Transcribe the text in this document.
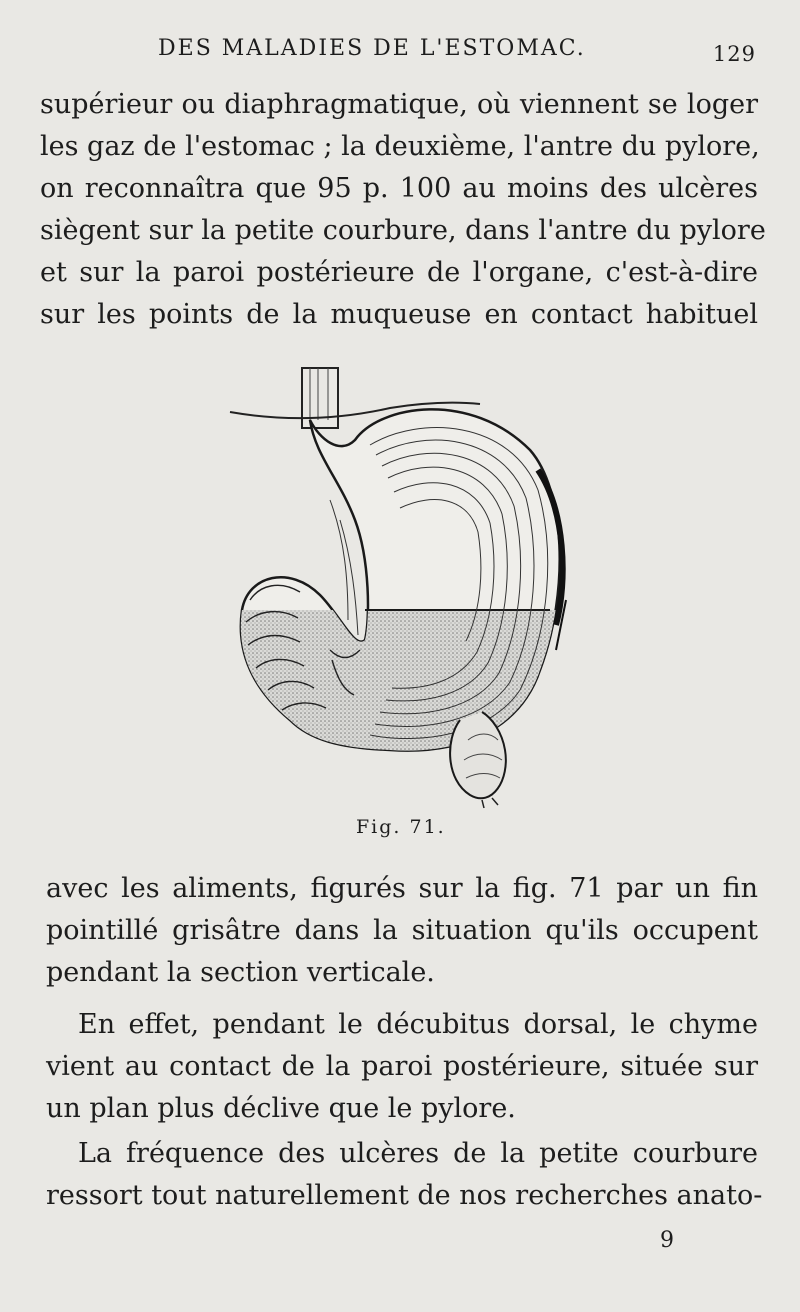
DES MALADIES DE L'ESTOMAC.	129
supérieur ou diaphragmatique, où viennent se loger
les gaz de l'estomac ; la deuxième, l'antre du pylore,
on reconnaîtra que 95 p. 100 au moins des ulcères
siègent sur la petite courbure, dans l'antre du pylore
et sur la paroi postérieure de l'organe, c'est-à-dire
sur les points de la muqueuse en contact habituel
Fig. 71.
avec les aliments, figurés sur la fig. 71 par un fin
pointillé grisâtre dans la situation qu'ils occupent
pendant la section verticale.
En effet, pendant le décubitus dorsal, le chyme
vient au contact de la paroi postérieure, située sur
un plan plus déclive que le pylore.
La fréquence des ulcères de la petite courbure
ressort tout naturellement de nos recherches anato-
9
